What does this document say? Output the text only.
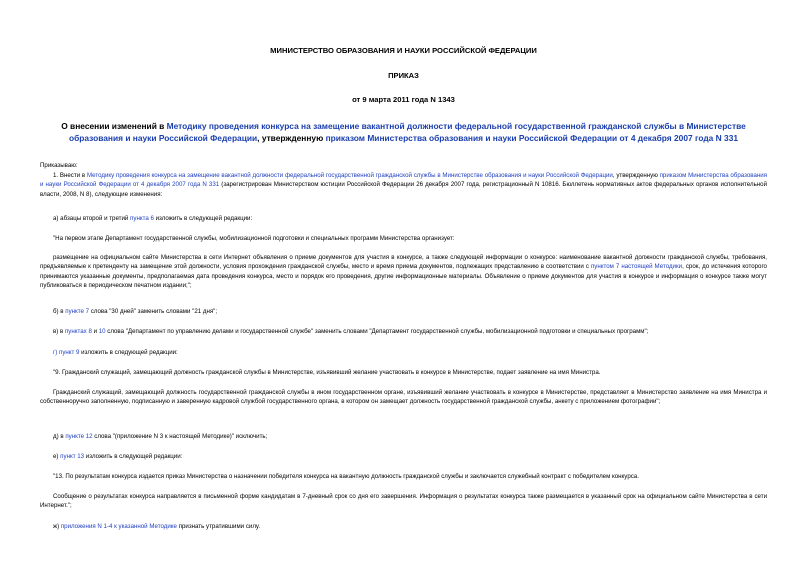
МИНИСТЕРСТВО ОБРАЗОВАНИЯ И НАУКИ РОССИЙСКОЙ ФЕДЕРАЦИИ
ПРИКАЗ
от 9 марта 2011 года N 1343
О внесении изменений в Методику проведения конкурса на замещение вакантной должности федеральной государственной гражданской службы в Министерстве образования и науки Российской Федерации, утвержденную приказом Министерства образования и науки Российской Федерации от 4 декабря 2007 года N 331
Приказываю:
1. Внести в Методику проведения конкурса на замещение вакантной должности федеральной государственной гражданской службы в Министерстве образования и науки Российской Федерации, утвержденную приказом Министерства образования и науки Российской Федерации от 4 декабря 2007 года N 331 (зарегистрирован Министерством юстиции Российской Федерации 26 декабря 2007 года, регистрационный N 10816. Бюллетень нормативных актов федеральных органов исполнительной власти, 2008, N 8), следующие изменения:
а) абзацы второй и третий пункта 6 изложить в следующей редакции:
"На первом этапе Департамент государственной службы, мобилизационной подготовки и специальных программ Министерства организует:
размещение на официальном сайте Министерства в сети Интернет объявления о приеме документов для участия в конкурсе, а также следующей информации о конкурсе: наименование вакантной должности гражданской службы, требования, предъявляемые к претенденту на замещение этой должности, условия прохождения гражданской службы, место и время приема документов, подлежащих представлению в соответствии с пунктом 7 настоящей Методики, срок, до истечения которого принимаются указанные документы, предполагаемая дата проведения конкурса, место и порядок его проведения, другие информационные материалы. Объявление о приеме документов для участия в конкурсе и информация о конкурсе также могут публиковаться в периодическом печатном издании;";
б) в пункте 7 слова "30 дней" заменить словами "21 дня";
в) в пунктах 8 и 10 слова "Департамент по управлению делами и государственной службе" заменить словами "Департамент государственной службы, мобилизационной подготовки и специальных программ";
г) пункт 9 изложить в следующей редакции:
"9. Гражданский служащий, замещающий должность гражданской службы в Министерстве, изъявивший желание участвовать в конкурсе в Министерстве, подает заявление на имя Министра.
Гражданский служащий, замещающий должность государственной гражданской службы в ином государственном органе, изъявивший желание участвовать в конкурсе в Министерстве, представляет в Министерство заявление на имя Министра и собственноручно заполненную, подписанную и заверенную кадровой службой государственного органа, в котором он замещает должность государственной гражданской службы, анкету с приложением фотографии";
д) в пункте 12 слова "(приложение N 3 к настоящей Методике)" исключить;
е) пункт 13 изложить в следующей редакции:
"13. По результатам конкурса издается приказ Министерства о назначении победителя конкурса на вакантную должность гражданской службы и заключается служебный контракт с победителем конкурса.
Сообщение о результатах конкурса направляется в письменной форме кандидатам в 7-дневный срок со дня его завершения. Информация о результатах конкурса также размещается в указанный срок на официальном сайте Министерства в сети Интернет.";
ж) приложения N 1-4 к указанной Методике признать утратившими силу.
